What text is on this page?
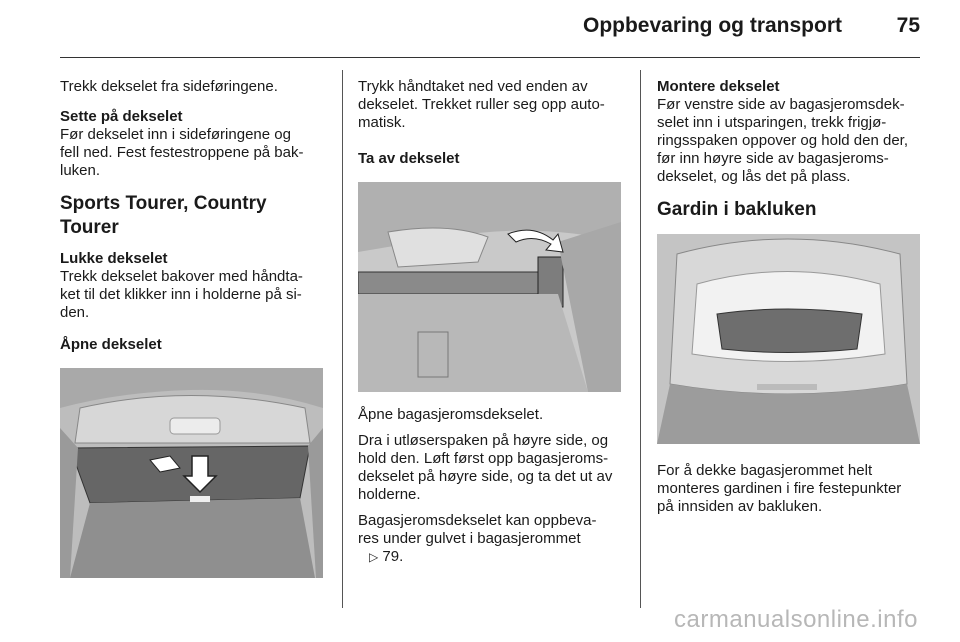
Oppbevaring og transport	75

Trekk dekselet fra sideføringene.

Sette på dekselet
Før dekselet inn i sideføringene og
fell ned. Fest festestroppene på bak-
luken.

Sports Tourer, Country Tourer

Lukke dekselet
Trekk dekselet bakover med håndta-
ket til det klikker inn i holderne på si-
den.

Åpne dekselet

Trykk håndtaket ned ved enden av
dekselet. Trekket ruller seg opp auto-
matisk.

Ta av dekselet

Åpne bagasjeromsdekselet.

Dra i utløserspaken på høyre side, og
hold den. Løft først opp bagasjeroms-
dekselet på høyre side, og ta det ut av
holderne.

Bagasjeromsdekselet kan oppbeva-
res under gulvet i bagasjerommet
▷ 79.

Montere dekselet
Før venstre side av bagasjeromsdek-
selet inn i utsparingen, trekk frigjø-
ringsspaken oppover og hold den der,
før inn høyre side av bagasjeroms-
dekselet, og lås det på plass.

Gardin i bakluken

For å dekke bagasjerommet helt
monteres gardinen i fire festepunkter
på innsiden av bakluken.

carmanualsonline.info
